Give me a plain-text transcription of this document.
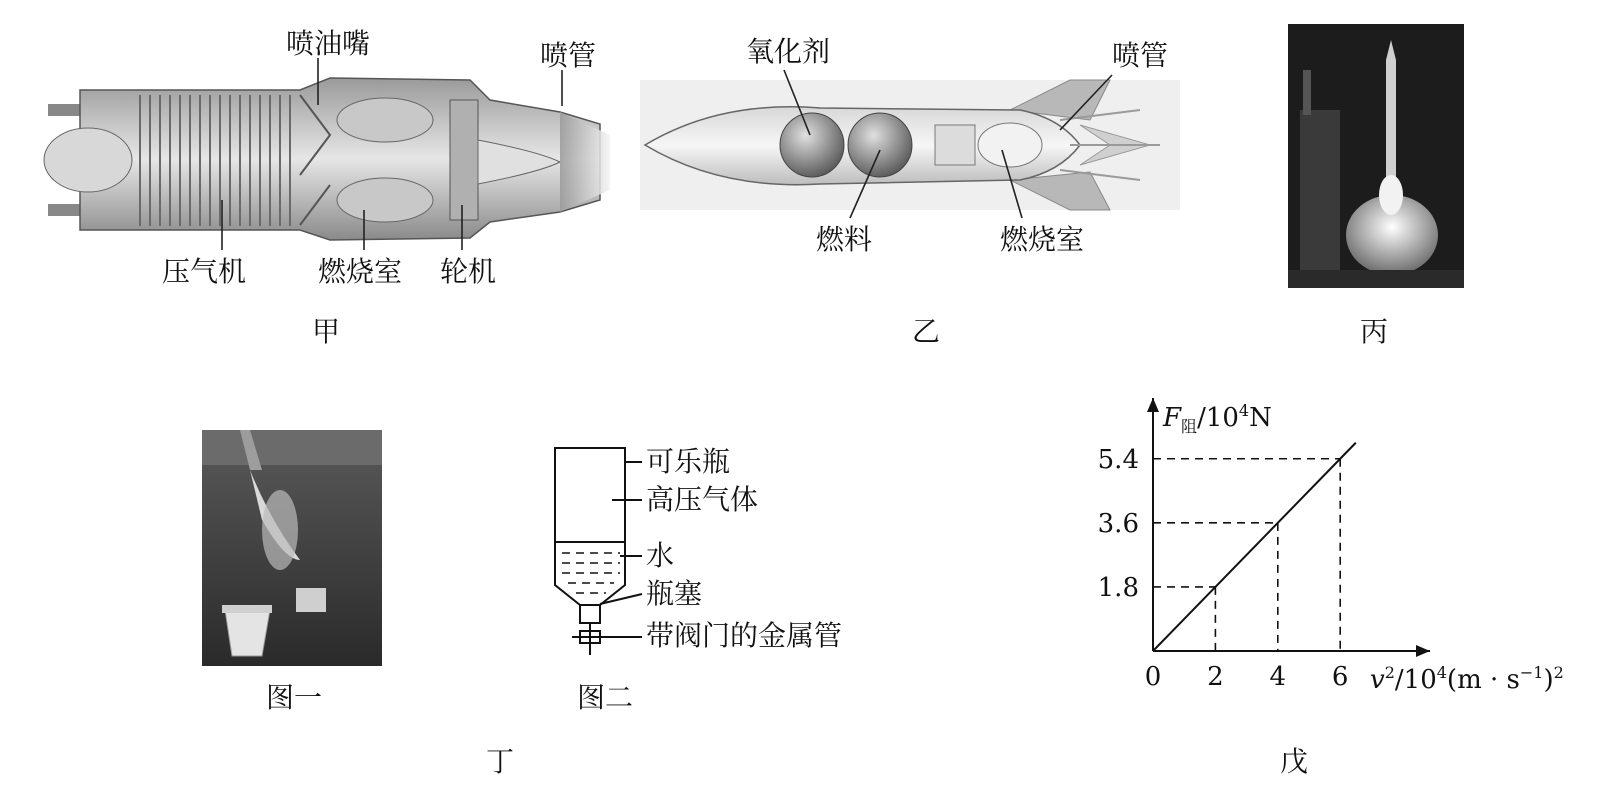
0 2 4 6
1.8
3.6
5.4
$F_阻/10^4N$
$v^2/10^4(m \cdot s^{-1})^2$
喷油嘴	喷管
压气机	燃烧室 轮机
甲
氧化剂	喷管
燃料	燃烧室
乙	丙
可乐瓶
高压气体
水
瓶塞
带阀门的金属管
图一	图二
丁	戊
